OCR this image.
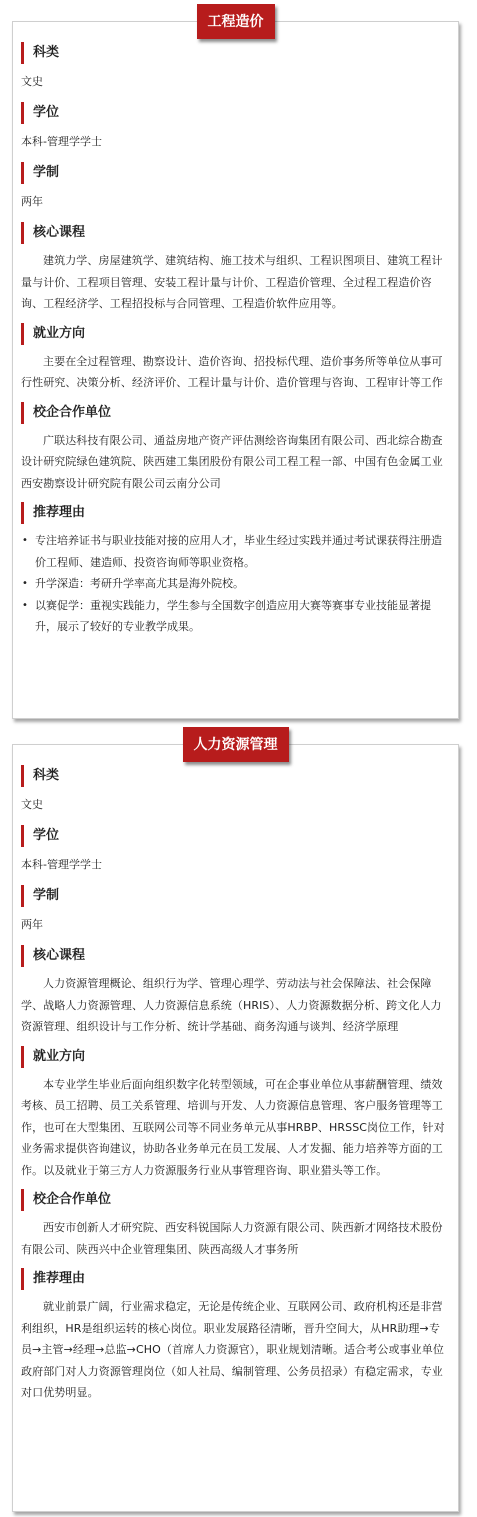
工程造价
科类
文史
学位
本科-管理学学士
学制
两年
核心课程

建筑力学、房屋建筑学、建筑结构、施工技术与组织、工程识图项目、建筑工程计量与计价、工程项目管理、安装工程计量与计价、工程造价管理、全过程工程造价咨询、工程经济学、工程招投标与合同管理、工程造价软件应用等。

就业方向

主要在全过程管理、勘察设计、造价咨询、招投标代理、造价事务所等单位从事可行性研究、决策分析、经济评价、工程计量与计价、造价管理与咨询、工程审计等工作

校企合作单位

广联达科技有限公司、通益房地产资产评估测绘咨询集团有限公司、西北综合勘查设计研究院绿色建筑院、陕西建工集团股份有限公司工程工程一部、中国有色金属工业西安勘察设计研究院有限公司云南分公司

推荐理由
• 专注培养证书与职业技能对接的应用人才，毕业生经过实践并通过考试课获得注册造价工程师、建造师、投资咨询师等职业资格。
• 升学深造：考研升学率高尤其是海外院校。
• 以赛促学：重视实践能力，学生参与全国数字创造应用大赛等赛事专业技能显著提升，展示了较好的专业教学成果。
人力资源管理
科类
文史
学位
本科-管理学学士
学制
两年
核心课程

人力资源管理概论、组织行为学、管理心理学、劳动法与社会保障法、社会保障学、战略人力资源管理、人力资源信息系统（HRIS）、人力资源数据分析、跨文化人力资源管理、组织设计与工作分析、统计学基础、商务沟通与谈判、经济学原理

就业方向

本专业学生毕业后面向组织数字化转型领域，可在企事业单位从事薪酬管理、绩效考核、员工招聘、员工关系管理、培训与开发、人力资源信息管理、客户服务管理等工作，也可在大型集团、互联网公司等不同业务单元从事HRBP、HRSSC岗位工作，针对业务需求提供咨询建议，协助各业务单元在员工发展、人才发掘、能力培养等方面的工作。以及就业于第三方人力资源服务行业从事管理咨询、职业猎头等工作。

校企合作单位

西安市创新人才研究院、西安科锐国际人力资源有限公司、陕西新才网络技术股份有限公司、陕西兴中企业管理集团、陕西高级人才事务所

推荐理由

就业前景广阔，行业需求稳定，无论是传统企业、互联网公司、政府机构还是非营利组织，HR是组织运转的核心岗位。职业发展路径清晰，晋升空间大，从HR助理→专员→主管→经理→总监→CHO（首席人力资源官），职业规划清晰。适合考公或事业单位政府部门对人力资源管理岗位（如人社局、编制管理、公务员招录）有稳定需求，专业对口优势明显。
